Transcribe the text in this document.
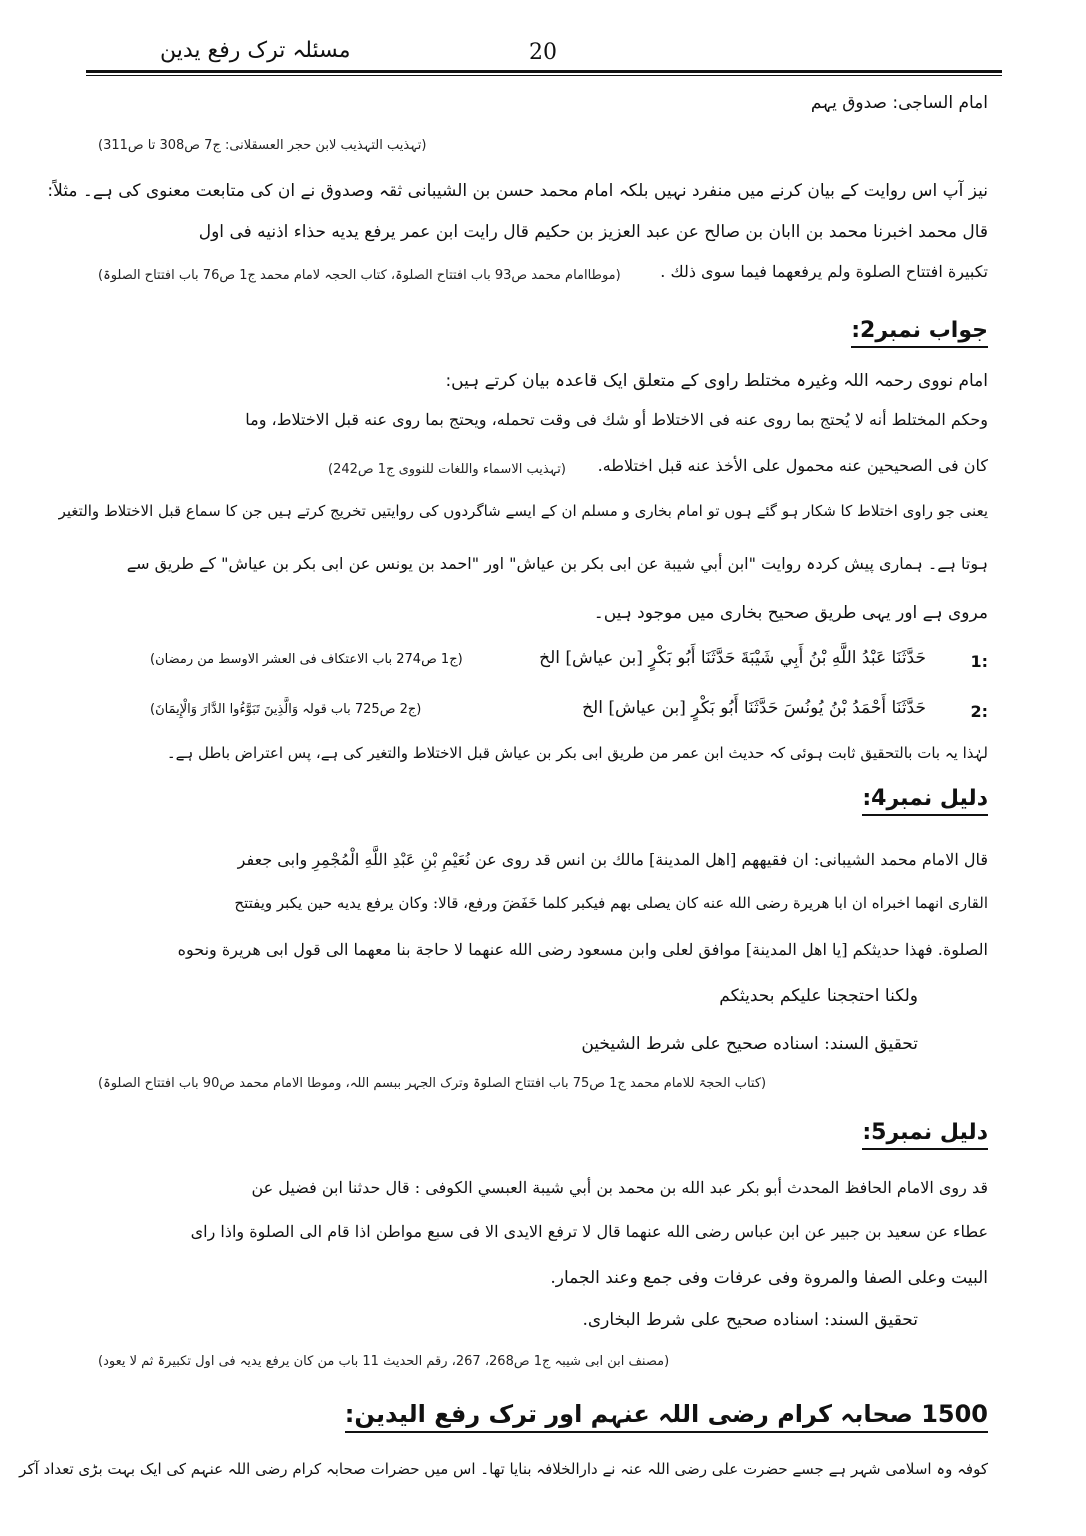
مسئلہ ترک رفع یدین	20
امام الساجی: صدوق یہم
(تہذیب التہذیب لابن حجر العسقلانی: ج7 ص308 تا ص311)
نیز آپ اس روایت کے بیان کرنے میں منفرد نہیں بلکہ امام محمد حسن بن الشیبانی ثقہ وصدوق نے ان کی متابعت معنوی کی ہے۔ مثلاً:
قال محمد اخبرنا محمد بن اابان بن صالح عن عبد العزيز بن حكيم قال رايت ابن عمر يرفع يديه حذاء اذنيه فى اول
تكبيرة افتتاح الصلوة ولم يرفعهما فيما سوى ذلك .
(موطاامام محمد ص93 باب افتتاح الصلوۃ، کتاب الحجہ لامام محمد ج1 ص76 باب افتتاح الصلوۃ)
جواب نمبر2:
امام نووی رحمہ اللہ وغیرہ مختلط راوی کے متعلق ایک قاعدہ بیان کرتے ہیں:
وحكم المختلط أنه لا يُحتج بما روى عنه فى الاختلاط أو شك فى وقت تحمله، ويحتج بما روى عنه قبل الاختلاط، وما
كان فى الصحيحين عنه محمول على الأخذ عنه قبل اختلاطه.
(تہذیب الاسماء واللغات للنووی ج1 ص242)
یعنی جو راوی اختلاط کا شکار ہو گئے ہوں تو امام بخاری و مسلم ان کے ایسے شاگردوں کی روایتیں تخریج کرتے ہیں جن کا سماع قبل الاختلاط والتغیر
ہوتا ہے۔ ہماری پیش کردہ روایت "ابن أبي شيبة عن ابى بكر بن عياش" اور "احمد بن يونس عن ابى بكر بن عياش" کے طریق سے
مروی ہے اور یہی طریق صحیح بخاری میں موجود ہیں۔
1:
حَدَّثَنَا عَبْدُ اللَّهِ بْنُ أَبِي شَيْبَةَ حَدَّثَنَا أَبُو بَكْرٍ [بن عياش] الخ
(ج1 ص274 باب الاعتکاف فی العشر الاوسط من رمضان)
2:
حَدَّثَنَا أَحْمَدُ بْنُ يُونُسَ حَدَّثَنَا أَبُو بَكْرٍ [بن عياش] الخ
(ج2 ص725 باب قولہ وَالَّذِينَ تَبَوَّءُوا الدَّارَ وَالْإِيمَانَ)
لہٰذا یہ بات بالتحقیق ثابت ہوئی کہ حدیث ابن عمر من طریق ابی بکر بن عیاش قبل الاختلاط والتغیر کی ہے، پس اعتراض باطل ہے۔
دلیل نمبر4:
قال الامام محمد الشيبانى: ان فقيههم [اهل المدينة] مالك بن انس قد روى عن نُعَيْمِ بْنِ عَبْدِ اللَّهِ الْمُجْمِرِ وابى جعفر
القارى انهما اخبراه ان ابا هريرة رضى الله عنه كان يصلى بهم فيكبر كلما خَفَضَ ورفع، قالا: وكان يرفع يديه حين يكبر ويفتتح
الصلوة. فهذا حديثكم [يا اهل المدينة] موافق لعلى وابن مسعود رضى الله عنهما لا حاجة بنا معهما الى قول ابى هريرة ونحوه
ولكنا احتججنا عليكم بحديثكم
تحقيق السند: اسناده صحيح على شرط الشيخين
(کتاب الحجۃ للامام محمد ج1 ص75 باب افتتاح الصلوۃ وترک الجہر ببسم اللہ، وموطا الامام محمد ص90 باب افتتاح الصلوۃ)
دلیل نمبر5:
قد روى الامام الحافظ المحدث أبو بكر عبد الله بن محمد بن أبي شيبة العبسي الكوفى : قال حدثنا ابن فضيل عن
عطاء عن سعيد بن جبير عن ابن عباس رضى الله عنهما قال لا ترفع الايدى الا فى سبع مواطن اذا قام الى الصلوة واذا راى
البيت وعلى الصفا والمروة وفى عرفات وفى جمع وعند الجمار.
تحقيق السند: اسناده صحيح على شرط البخارى.
(مصنف ابن ابی شیبہ ج1 ص268، 267، رقم الحدیث 11 باب من کان یرفع یدیہ فی اول تکبیرۃ ثم لا یعود)
1500 صحابہ کرام رضی اللہ عنہم اور ترک رفع الیدین:
کوفہ وہ اسلامی شہر ہے جسے حضرت علی رضی اللہ عنہ نے دارالخلافہ بنایا تھا۔ اس میں حضرات صحابہ کرام رضی اللہ عنہم کی ایک بہت بڑی تعداد آکر
